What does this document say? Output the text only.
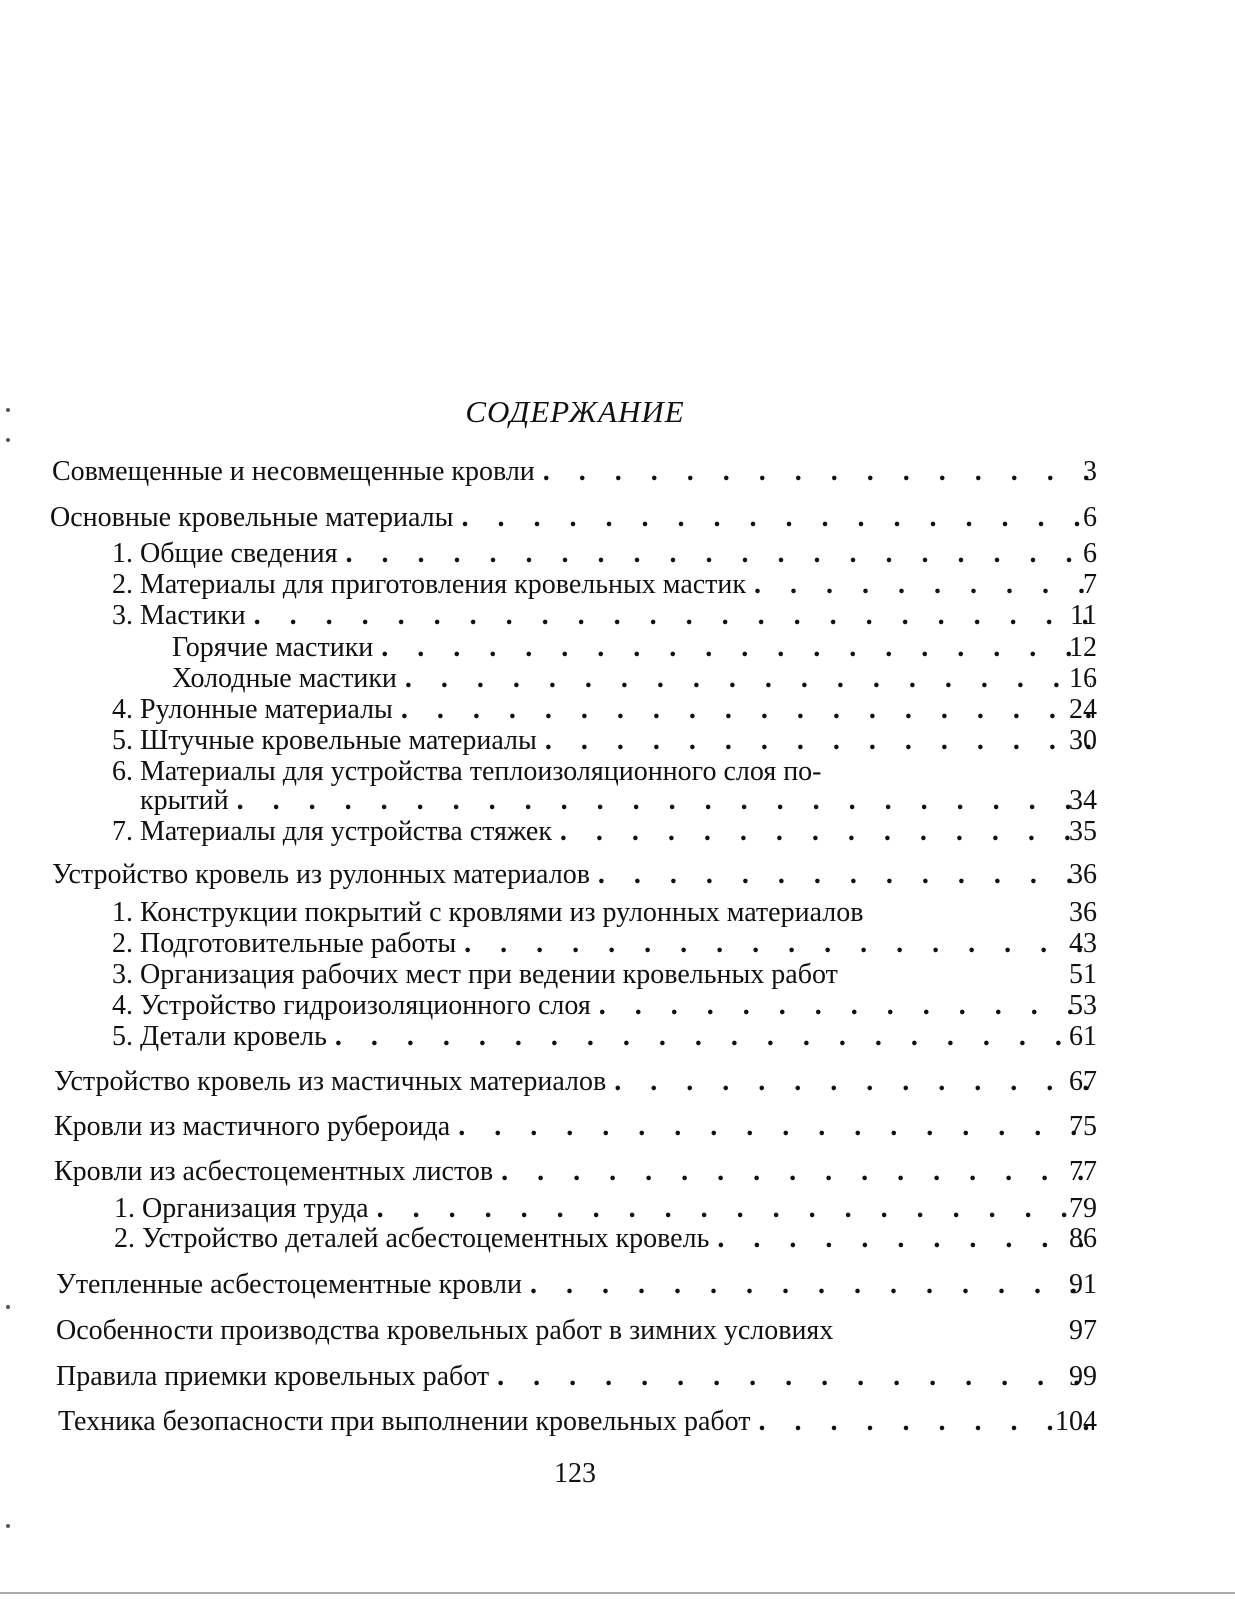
СОДЕРЖАНИЕ
Совмещенные и несовмещенные кровли . . .	3
Основные кровельные материалы . . .	6
1. Общие сведения . . .	6
2. Материалы для приготовления кровельных мастик . . .	7
3. Мастики . . .	11
Горячие мастики . . .	12
Холодные мастики . . .	16
4. Рулонные материалы . . .	24
5. Штучные кровельные материалы . . .	30
6. Материалы для устройства теплоизоляционного слоя по-
крытий . . .	34
7. Материалы для устройства стяжек . . .	35
Устройство кровель из рулонных материалов . . .	36
1. Конструкции покрытий с кровлями из рулонных материалов	36
2. Подготовительные работы . . .	43
3. Организация рабочих мест при ведении кровельных работ	51
4. Устройство гидроизоляционного слоя . . .	53
5. Детали кровель . . .	61
Устройство кровель из мастичных материалов . . .	67
Кровли из мастичного рубероида . . .	75
Кровли из асбестоцементных листов . . .	77
1. Организация труда . . .	79
2. Устройство деталей асбестоцементных кровель . . .	86
Утепленные асбестоцементные кровли . . .	91
Особенности производства кровельных работ в зимних условиях	97
Правила приемки кровельных работ . . .	99
Техника безопасности при выполнении кровельных работ . . .	104
123
